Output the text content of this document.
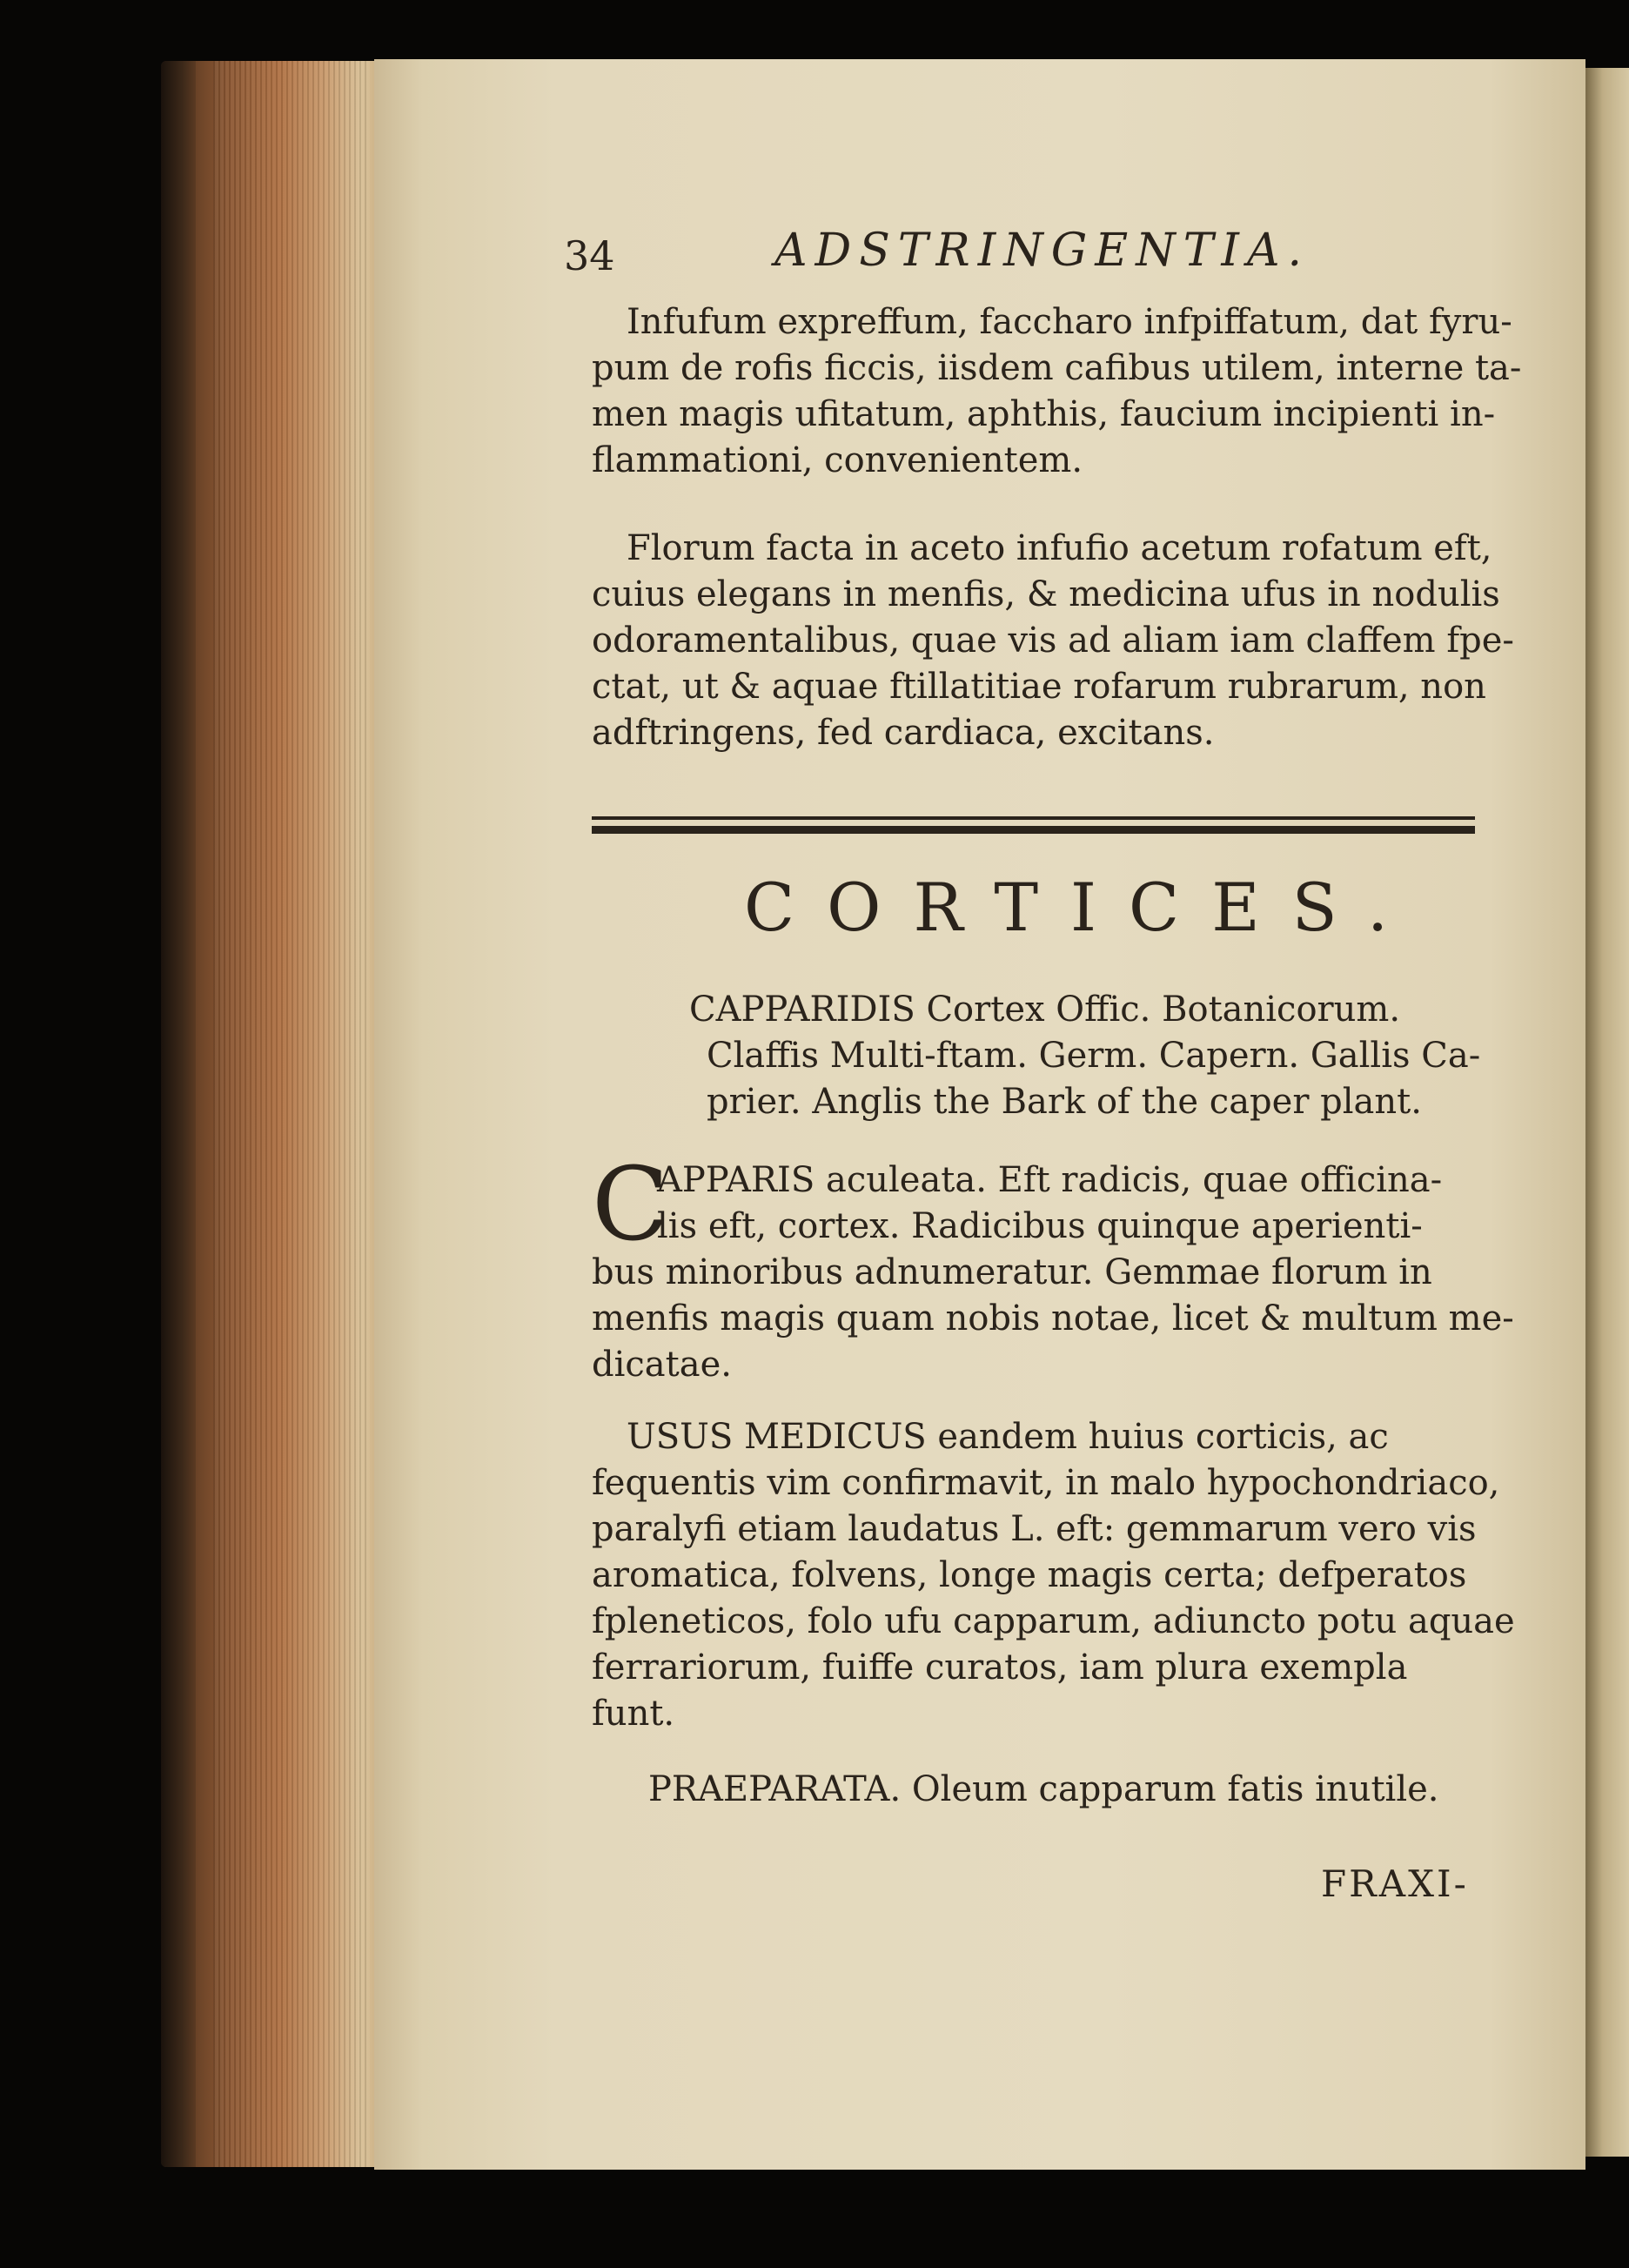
34	ADSTRINGENTIA.
Infufum expreffum, faccharo infpiffatum, dat fyru-
pum de rofis ficcis, iisdem cafibus utilem, interne ta-
men magis ufitatum, aphthis, faucium incipienti in-
flammationi, convenientem.
Florum facta in aceto infufio acetum rofatum eft,
cuius elegans in menfis, & medicina ufus in nodulis
odoramentalibus, quae vis ad aliam iam claffem fpe-
ctat, ut & aquae ftillatitiae rofarum rubrarum, non
adftringens, fed cardiaca, excitans.
CORTICES.
CAPPARIDIS Cortex Offic. Botanicorum.
Claffis Multi-ftam. Germ. Capern. Gallis Ca-
prier. Anglis the Bark of the caper plant.
C
APPARIS aculeata. Eft radicis, quae officina-
lis eft, cortex. Radicibus quinque aperienti-
bus minoribus adnumeratur. Gemmae florum in
menfis magis quam nobis notae, licet & multum me-
dicatae.
USUS MEDICUS eandem huius corticis, ac
fequentis vim confirmavit, in malo hypochondriaco,
paralyfi etiam laudatus L. eft: gemmarum vero vis
aromatica, folvens, longe magis certa; defperatos
fpleneticos, folo ufu capparum, adiuncto potu aquae
ferrariorum, fuiffe curatos, iam plura exempla
funt.
PRAEPARATA. Oleum capparum fatis inutile.
FRAXI-
